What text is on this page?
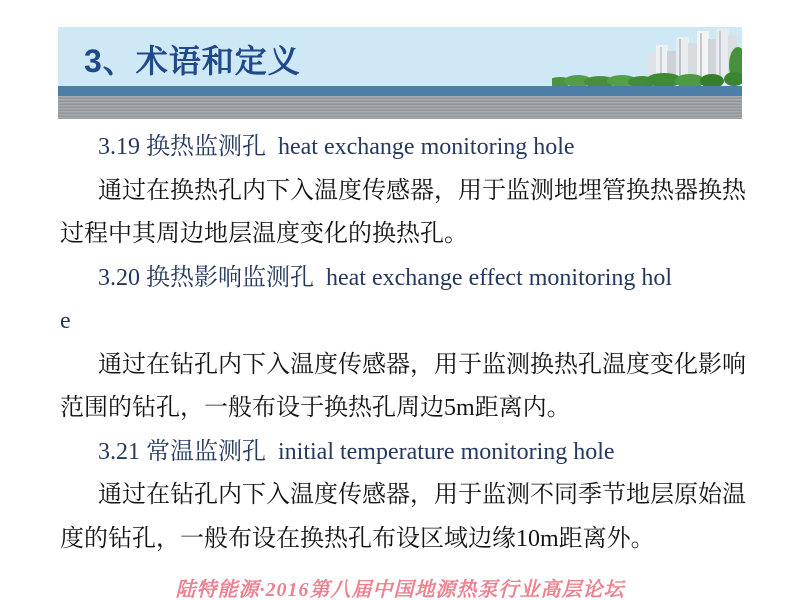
3、术语和定义
3.19 换热监测孔  heat exchange monitoring hole
通过在换热孔内下入温度传感器，用于监测地埋管换热器换热
过程中其周边地层温度变化的换热孔。
3.20 换热影响监测孔  heat exchange effect monitoring hol
e
通过在钻孔内下入温度传感器，用于监测换热孔温度变化影响
范围的钻孔，一般布设于换热孔周边5m距离内。
3.21 常温监测孔  initial temperature monitoring hole
通过在钻孔内下入温度传感器，用于监测不同季节地层原始温
度的钻孔，一般布设在换热孔布设区域边缘10m距离外。
陆特能源·2016第八届中国地源热泵行业高层论坛
